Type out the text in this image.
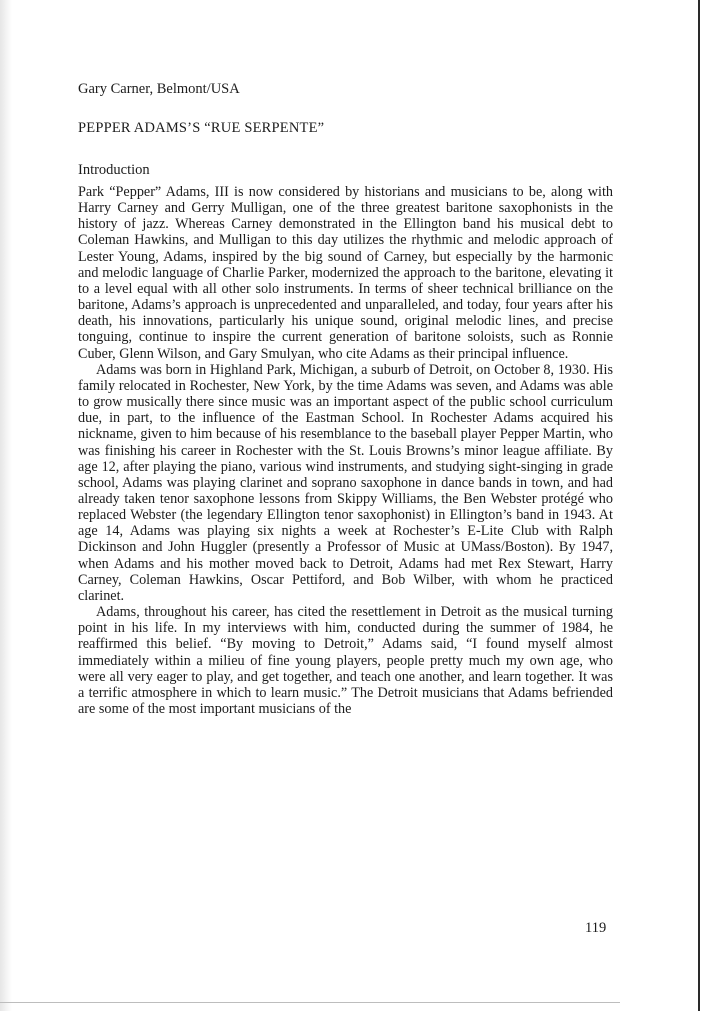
Gary Carner, Belmont/USA

PEPPER ADAMS’S “RUE SERPENTE”

Introduction

Park “Pepper” Adams, III is now considered by historians and musicians to be, along with Harry Carney and Gerry Mulligan, one of the three greatest baritone saxophonists in the history of jazz. Whereas Carney demonstrated in the Ellington band his musical debt to Coleman Hawkins, and Mulligan to this day utilizes the rhythmic and melodic approach of Lester Young, Adams, inspired by the big sound of Carney, but especially by the harmonic and melodic language of Charlie Parker, modernized the approach to the baritone, elevating it to a level equal with all other solo instruments. In terms of sheer technical brilliance on the baritone, Adams’s approach is unprecedented and unparalleled, and today, four years after his death, his innovations, particularly his unique sound, original melodic lines, and precise tonguing, continue to inspire the current generation of baritone soloists, such as Ronnie Cuber, Glenn Wilson, and Gary Smulyan, who cite Adams as their principal influence.

Adams was born in Highland Park, Michigan, a suburb of Detroit, on October 8, 1930. His family relocated in Rochester, New York, by the time Adams was seven, and Adams was able to grow musically there since music was an important aspect of the public school curriculum due, in part, to the influence of the Eastman School. In Rochester Adams acquired his nickname, given to him because of his resemblance to the baseball player Pepper Martin, who was finishing his career in Rochester with the St. Louis Browns’s minor league affiliate. By age 12, after playing the piano, various wind instruments, and studying sight-singing in grade school, Adams was playing clarinet and soprano saxophone in dance bands in town, and had already taken tenor saxophone lessons from Skippy Williams, the Ben Webster protégé who replaced Webster (the legendary Ellington tenor saxophonist) in Ellington’s band in 1943. At age 14, Adams was playing six nights a week at Rochester’s E-Lite Club with Ralph Dickinson and John Huggler (presently a Professor of Music at UMass/Boston). By 1947, when Adams and his mother moved back to Detroit, Adams had met Rex Stewart, Harry Carney, Coleman Hawkins, Oscar Pettiford, and Bob Wilber, with whom he practiced clarinet.

Adams, throughout his career, has cited the resettlement in Detroit as the musical turning point in his life. In my interviews with him, conducted during the summer of 1984, he reaffirmed this belief. “By moving to Detroit,” Adams said, “I found myself almost immediately within a milieu of fine young players, people pretty much my own age, who were all very eager to play, and get together, and teach one another, and learn together. It was a terrific atmosphere in which to learn music.” The Detroit musicians that Adams befriended are some of the most important musicians of the

119
